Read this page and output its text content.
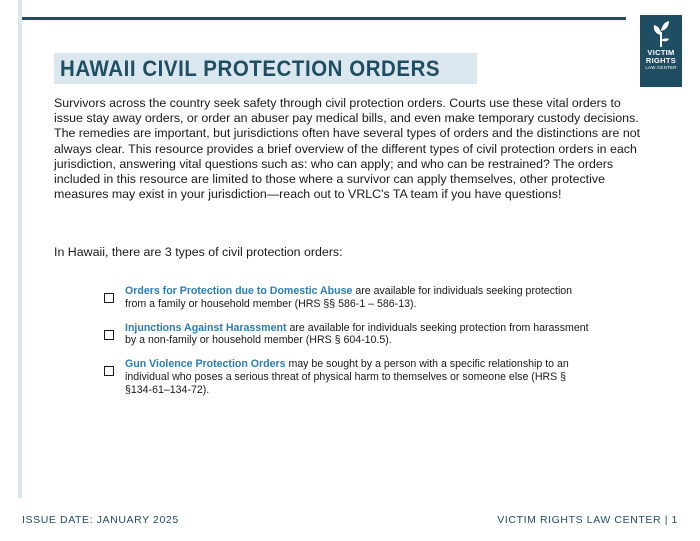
VICTIM
RIGHTS
LAW CENTER
HAWAII CIVIL PROTECTION ORDERS

Survivors across the country seek safety through civil protection orders. Courts use these vital orders to issue stay away orders, or order an abuser pay medical bills, and even make temporary custody decisions. The remedies are important, but jurisdictions often have several types of orders and the distinctions are not always clear. This resource provides a brief overview of the different types of civil protection orders in each jurisdiction, answering vital questions such as: who can apply; and who can be restrained? The orders included in this resource are limited to those where a survivor can apply themselves, other protective measures may exist in your jurisdiction—reach out to VRLC's TA team if you have questions!

In Hawaii, there are 3 types of civil protection orders:

Orders for Protection due to Domestic Abuse are available for individuals seeking protection from a family or household member (HRS §§ 586-1 – 586-13).
Injunctions Against Harassment are available for individuals seeking protection from harassment by a non-family or household member (HRS § 604-10.5).
Gun Violence Protection Orders may be sought by a person with a specific relationship to an individual who poses a serious threat of physical harm to themselves or someone else (HRS § §134-61–134-72).
ISSUE DATE: JANUARY 2025	VICTIM RIGHTS LAW CENTER | 1
